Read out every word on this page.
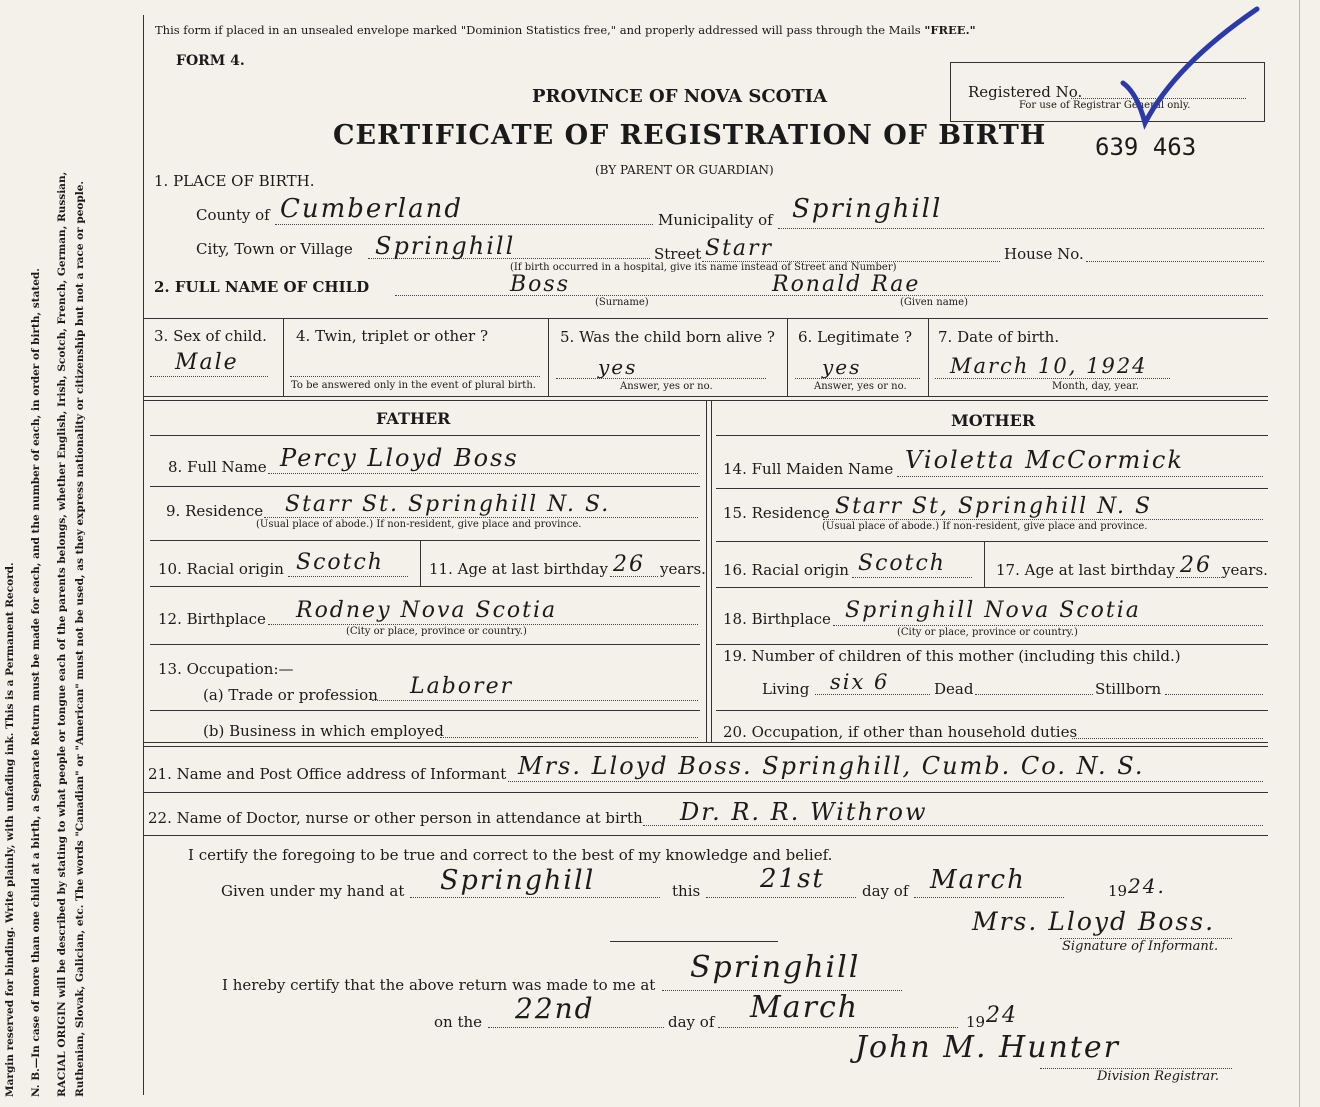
Margin reserved for binding. Write plainly, with unfading ink. This is a Permanent Record. N. B.—In case of more than one child at a birth, a Separate Return must be made for each, and the number of each, in order of birth, stated. RACIAL ORIGIN will be described by stating to what people or tongue each of the parents belongs, whether English, Irish, Scotch, French, German, Russian, Ruthenian, Slovak, Galician, etc. The words "Canadian" or "American" must not be used, as they express nationality or citizenship but not a race or people.
This form if placed in an unsealed envelope marked "Dominion Statistics free," and properly addressed will pass through the Mails "FREE."
FORM 4.
PROVINCE OF NOVA SCOTIA
CERTIFICATE OF REGISTRATION OF BIRTH
(BY PARENT OR GUARDIAN)
Registered No.
For use of Registrar General only.
639 463
1. PLACE OF BIRTH.
County of Cumberland	Municipality of Springhill
City, Town or Village Springhill	Street Starr	House No.
(If birth occurred in a hospital, give its name instead of Street and Number)
2. FULL NAME OF CHILD	Boss	Ronald Rae
(Surname)	(Given name)
3. Sex of child.
Male
4. Twin, triplet or other ?
To be answered only in the event of plural birth.
5. Was the child born alive ?
yes
Answer, yes or no.
6. Legitimate ?
yes
Answer, yes or no.
7. Date of birth.
March 10, 1924
Month, day, year.
FATHER	MOTHER
8. Full Name Percy Lloyd Boss
9. Residence Starr St. Springhill N. S.
(Usual place of abode.) If non-resident, give place and province.
10. Racial origin Scotch	11. Age at last birthday 26 years.
12. Birthplace Rodney Nova Scotia
(City or place, province or country.)
13. Occupation:—
(a) Trade or profession Laborer
(b) Business in which employed
14. Full Maiden Name Violetta McCormick
15. Residence Starr St, Springhill N. S
(Usual place of abode.) If non-resident, give place and province.
16. Racial origin Scotch	17. Age at last birthday 26 years.
18. Birthplace Springhill Nova Scotia
(City or place, province or country.)
19. Number of children of this mother (including this child.)
Living six 6	Dead	Stillborn
20. Occupation, if other than household duties
21. Name and Post Office address of Informant Mrs. Lloyd Boss. Springhill, Cumb. Co. N. S.
22. Name of Doctor, nurse or other person in attendance at birth Dr. R. R. Withrow
I certify the foregoing to be true and correct to the best of my knowledge and belief.
Given under my hand at Springhill	this 21st day of March	19 24.
Mrs. Lloyd Boss.
Signature of Informant.
I hereby certify that the above return was made to me at Springhill
on the 22nd	day of March	19 24
John M. Hunter
Division Registrar.
